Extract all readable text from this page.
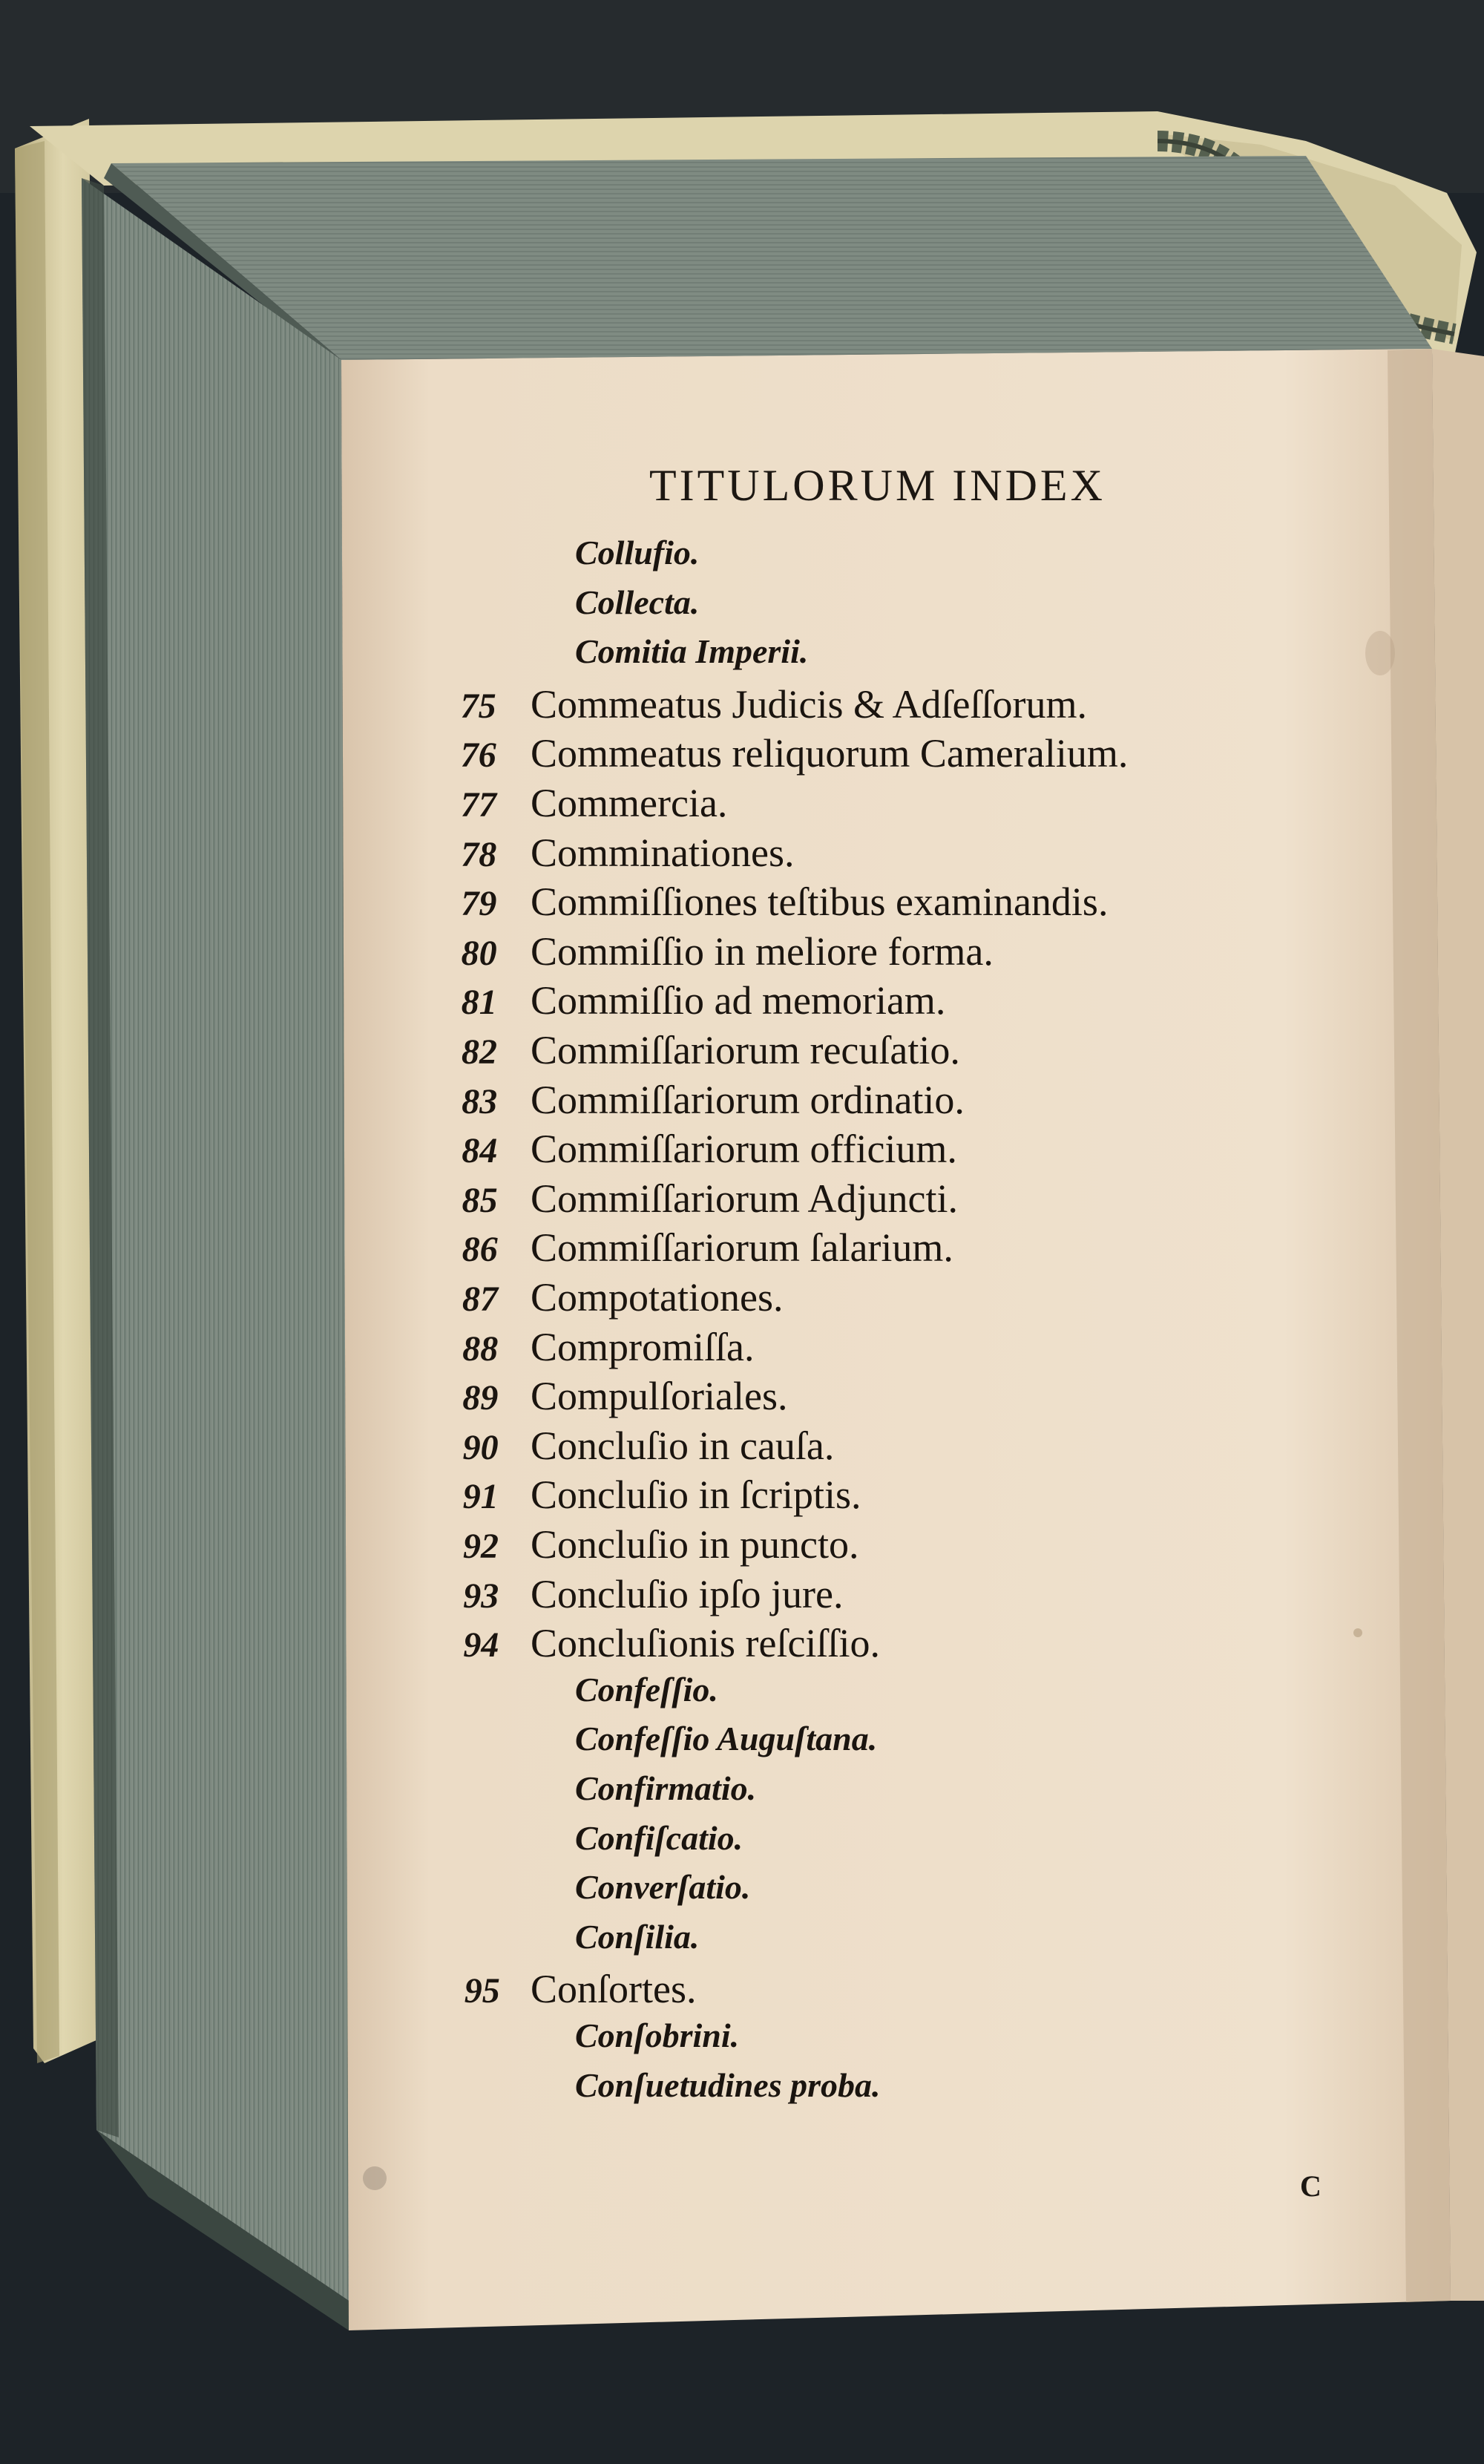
TITULORUM INDEX
Collufio.
Collecta.
Comitia Imperii.
75 Commeatus Judicis & Adſeſſorum.
76 Commeatus reliquorum Cameralium.
77 Commercia.
78 Comminationes.
79 Commiſſiones teſtibus examinandis.
80 Commiſſio in meliore forma.
81 Commiſſio ad memoriam.
82 Commiſſariorum recuſatio.
83 Commiſſariorum ordinatio.
84 Commiſſariorum officium.
85 Commiſſariorum Adjuncti.
86 Commiſſariorum ſalarium.
87 Compotationes.
88 Compromiſſa.
89 Compulſoriales.
90 Concluſio in cauſa.
91 Concluſio in ſcriptis.
92 Concluſio in puncto.
93 Concluſio ipſo jure.
94 Concluſionis reſciſſio.
Confeſſio.
Confeſſio Auguſtana.
Confirmatio.
Confiſcatio.
Converſatio.
Conſilia.
95 Conſortes.
Conſobrini.
Conſuetudines proba.
C
